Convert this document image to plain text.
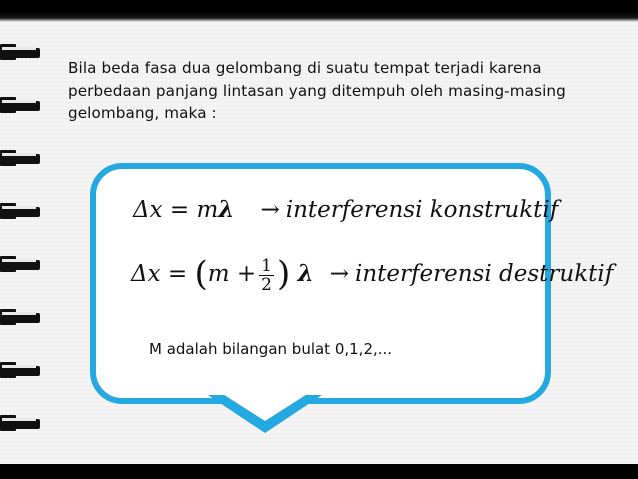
Bila beda fasa dua gelombang di suatu tempat terjadi karena
perbedaan panjang lintasan yang ditempuh oleh masing-masing
gelombang, maka :
Δx = mλ → interferensi konstruktif
$\Delta x = (m + \frac{1}{2}$ ) λ → interferensi destruktif
M adalah bilangan bulat 0,1,2,...
